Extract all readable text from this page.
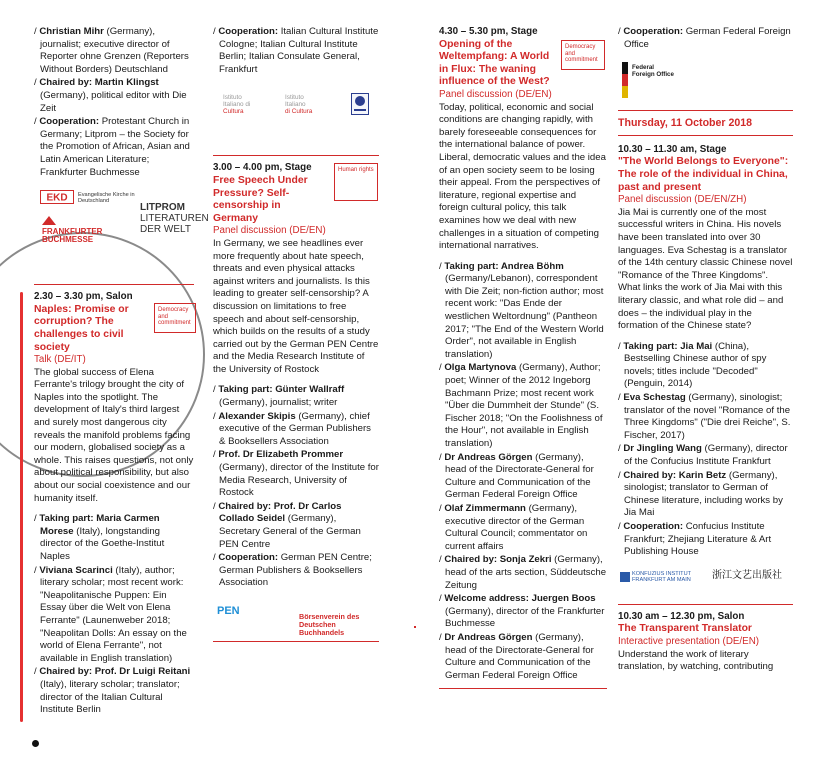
/ Christian Mihr (Germany), journalist; executive director of Reporter ohne Grenzen (Reporters Without Borders) Deutschland

/ Chaired by: Martin Klingst (Germany), political editor with Die Zeit

/ Cooperation: Protestant Church in Germany; Litprom – the Society for the Promotion of African, Asian and Latin American Literature; Frankfurter Buchmesse

EKD Evangelische Kirche in Deutschland
FRANKFURTER
BUCHMESSE
LITPROM
LITERATUREN
DER WELT

2.30 – 3.30 pm, Salon

Naples: Promise or corruption? The challenges to civil society

Democracy and commitment

Talk (DE/IT)

The global success of Elena Ferrante's trilogy brought the city of Naples into the spotlight. The development of Italy's third largest and surely most dangerous city reveals the manifold problems facing our modern, globalised society as a whole. This raises questions, not only about political responsibility, but also about our social coexistence and our humanity itself.

/ Taking part: Maria Carmen Morese (Italy), longstanding director of the Goethe-Institut Naples

/ Viviana Scarinci (Italy), author; literary scholar; most recent work: "Neapolitanische Puppen: Ein Essay über die Welt von Elena Ferrante" (Launenweber 2018; "Neapolitan Dolls: An essay on the world of Elena Ferrante", not available in English translation)

/ Chaired by: Prof. Dr Luigi Reitani (Italy), literary scholar; translator; director of the Italian Cultural Institute Berlin

/ Cooperation: Italian Cultural Institute Cologne; Italian Cultural Institute Berlin; Italian Consulate General, Frankfurt

Istituto
Italiano di
Cultura
Istituto
Italiano
di Cultura

3.00 – 4.00 pm, Stage

Free Speech Under Pressure? Self-censorship in Germany

Human rights

Panel discussion (DE/EN)

In Germany, we see headlines ever more frequently about hate speech, threats and even physical attacks against writers and journalists. Is this leading to greater self-censorship? A discussion on limitations to free speech and about self-censorship, which builds on the results of a study carried out by the German PEN Centre and the Media Research Institute of the University of Rostock

/ Taking part: Günter Wallraff (Germany), journalist; writer

/ Alexander Skipis (Germany), chief executive of the German Publishers & Booksellers Association

/ Prof. Dr Elizabeth Prommer (Germany), director of the Institute for Media Research, University of Rostock

/ Chaired by: Prof. Dr Carlos Collado Seidel (Germany), Secretary General of the German PEN Centre

/ Cooperation: German PEN Centre; German Publishers & Booksellers Association

PEN	Börsenverein des
Deutschen Buchhandels

4.30 – 5.30 pm, Stage

Opening of the Weltempfang: A World in Flux: The waning influence of the West?

Democracy and commitment

Panel discussion (DE/EN)

Today, political, economic and social conditions are changing rapidly, with barely foreseeable consequences for the international balance of power. Liberal, democratic values and the idea of an open society seem to be losing their appeal. From the perspectives of literature, regional expertise and foreign cultural policy, this talk examines how we deal with new challenges in a situation of competing international narratives.

/ Taking part: Andrea Böhm (Germany/Lebanon), correspondent with Die Zeit; non-fiction author; most recent work: "Das Ende der westlichen Weltordnung" (Pantheon 2017; "The End of the Western World Order", not available in English translation)

/ Olga Martynova (Germany), Author; poet; Winner of the 2012 Ingeborg Bachmann Prize; most recent work "Über die Dummheit der Stunde" (S. Fischer 2018; "On the Foolishness of the Hour", not available in English translation)

/ Dr Andreas Görgen (Germany), head of the Directorate-General for Culture and Communication of the German Federal Foreign Office

/ Olaf Zimmermann (Germany), executive director of the German Cultural Council; commentator on current affairs

/ Chaired by: Sonja Zekri (Germany), head of the arts section, Süddeutsche Zeitung

/ Welcome address: Juergen Boos (Germany), director of the Frankfurter Buchmesse

/ Dr Andreas Görgen (Germany), head of the Directorate-General for Culture and Communication of the German Federal Foreign Office

/ Cooperation: German Federal Foreign Office

Federal
Foreign Office

Thursday, 11 October 2018

10.30 – 11.30 am, Stage

"The World Belongs to Everyone": The role of the individual in China, past and present

Panel discussion (DE/EN/ZH)

Jia Mai is currently one of the most successful writers in China. His novels have been translated into over 30 languages. Eva Schestag is a translator of the 14th century classic Chinese novel "Romance of the Three Kingdoms". What links the work of Jia Mai with this literary classic, and what role did – and does – the individual play in the formation of the Chinese state?

/ Taking part: Jia Mai (China), Bestselling Chinese author of spy novels; titles include "Decoded" (Penguin, 2014)

/ Eva Schestag (Germany), sinologist; translator of the novel "Romance of the Three Kingdoms" ("Die drei Reiche", S. Fischer, 2017)

/ Dr Jingling Wang (Germany), director of the Confucius Institute Frankfurt

/ Chaired by: Karin Betz (Germany), sinologist; translator to German of Chinese literature, including works by Jia Mai

/ Cooperation: Confucius Institute Frankfurt; Zhejiang Literature & Art Publishing House

KONFUZIUS INSTITUT
FRANKFURT AM MAIN 浙江文艺出版社

10.30 am – 12.30 pm, Salon

The Transparent Translator

Interactive presentation (DE/EN)

Understand the work of literary translation, by watching, contributing
